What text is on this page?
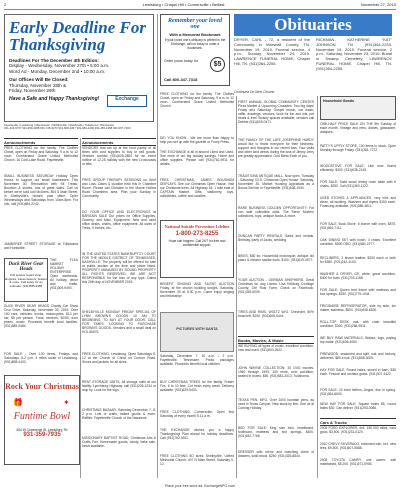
2	Lewisburg • Chapel Hill • Cornersville • Belfast	November 27, 2019
Early Deadline For Thanksgiving
Deadlines For The December 4th Edition:
Display - Wednesday, November 27th • 5:00 a.m.
Word Ad - Monday, December 2nd • 10:00 a.m.
Our Offices Will Be Closed:
Thursday, November 28th &
Friday, November 29th
Have a Safe and Happy Thanksgiving!	Exchange
Fayetteville | Lewisburg | Manchester | McMinnville | Shelbyville | Tullahoma | Winchester
931-433-9737 931-359-1188 931-728-3273 931-668-1367 931-684-1200 931-455-1368 931-967-7290
Remember your loved one
With a Memorial Bookmark
If your loved one's obituary is printed in the Exchange, call us today to order a bookmark.
Order yours today for	$5
Call 800-347-7318
Obituaries
DRYER, CARL - 72, a resident of the Community in Marshall County, TN. November 19, 2019. Funeral service, 4 p.m., Sunday, November 24, 2019. LAWRENCE FUNERAL HOME, Chapel Hill, TN. (931)364-2255.
RICKMAN, KATHERINE "KAT" JOHNSON. TN. (931)364-2233. November 19, 2019. Funeral service, 2 p.m., Saturday, November 23, 2019. Burial in Swamp Cemetery, LAWRENCE FUNERAL HOME, Chapel Hill, TN. (931)364-2255.
Continued On Next Column
FREE CLOTHING for the family. The Clothes Closet, open on Friday and Saturday, 9 a.m. to 12 noon. Cumberland Grace United Methodist Church.
DID YOU KNOW... We are more than happy to help you set up with the gazette or Fcorp Press.
THE EXCHANGE is all in around Liked and Used. See more of our big holiday savings. Home and office supplies. Please call (931)762-9911 for details.
FREE CHRISTMAS, JAMES BOUSHAM DISPLAYS. See our Christmas Open House. Visit our Christmas trees. All Highway 64. 1 mile east of CAPTAIN Market. Gifts, stationery, toys, collectibles, coffee and candles.
National Suicide Prevention Lifeline
1-800-273-8255
Hope can happen. Call 24/7 for free and confidential support.
BENEFIT SINGING AND SILENT AUCTION Friday, at the church building tonight. Saturday, November 30 at 5:30 p.m. Come enjoy singing and fellowship!
PICTURES WITH SANTA
Saturday, December 7, 10 a.m. - 2 p.m. Fayetteville, Tennessee. Photo packages available. Proceeds benefit local children.
BUY CHRISTMAS TREES for the family. Fraser Firs, 6 to 10 feet. Cut fresh every week. Delivery available. (931)629-5433.
FREE CLOTHING, Cornersville. Open first Saturday of every month 9-11 a.m.
THE EXCHANGE wishes you a happy Thanksgiving! Plan ahead for holiday deadlines. Call (931)762-9911.
FREE CLOTHING 8O sizes. Shelbyville, United Methodist Church, 407 N Main Street, Saturday 9-12.
Announcements
FREE CLOTHING for the family. The Clothes Closet, open on Friday and Saturday, 9 a.m. to 12 noon. Cumberland Grace United Methodist Church, 16 Cool-Lake Road, Fayetteville.
SMALL BUSINESS SATURDAY Holiday Open House to support our small businesses. This November 30, Renovation with Sit Treats, Bourbon & stories, lots of great sales. Call us before we're sold out! McGees, 804 S Main Street, in Shelbyville's historic post office. Open Wednesdays and Saturdays from 10am-5pm. For info, call (931)684-2242.
JAMBOREE STREET STORAGE at Tullahoma and Huntsville.
Duck River Gear Heads
Full service repair shop. Engines, transmissions, brakes & more. Call today for an estimate. (931)585-9484
THE FLEA MARKET HOLIDAY ENTERPRISE. Open weekends. All holiday decor and crafts. (931)309-9490.
DUCK RIVER GEAR HEADS Charity Car Show Cruz Drive, Saturday, November 30, 2019. Over 100 cars, vehicles, trucks, motorcycles. $10 per car, $5 per person. Food, vendors, 50/50, door prizes, music. Proceeds benefit local families. (931)585-9484.
FOR SALE - Over 100 items, Fridays and Saturdays, 8-2 p.m. 4 miles south of Lewisburg. (931)698-4400.
Rock Your Christmas
Funtime Bowl
604 W Commerce St, Lewisburg TN
931-359-7935
🎁	✦
Announcements
VENDORS that set up at the food pantry of all times with cost supplies to buy or sell goods. Vendors contact (931)628-2884 for an event hotline of 12-25 holiday with the new Crossroads or bills.
FREE GROUP THERAPY SESSIONS on Grief and Loss. Dates & location held this in Chamber Room. Please call Christine in the Moore Hollow Road Chambers area. Plan your Sunday in Community.
DO YOUR OFFICE AND ELECTRONICS at BARGAIN SALE Our prices for Office Supplies, Grocery, and Misc. Equipment. New and used office desks, chairs, office equipment. All sizes of Trees, 5 inches, etc.
IN THE UNITED STATES BANKRUPTCY COURT FOR THE MIDDLE DISTRICT OF TENNESSEE, NASHVILLE. The property will be offered for sale at public auction at the time and place listed. PROPERTY MANAGED BY ROUND PROPERTY ALL RIGHTS RESERVED. WE ARE NOT RESPONSIBLE for the loss of any type. Dated this 26th day of NOVEMBER 2019.
SHELBYVILLE MONDAY FRIDAY SPECIAL OF LYNN BROWN'S GOODS 10 AM TO BEGINNING. TO BUY AT YOUR DOOR. CALL FOR TIMES. LOOKING TO PURCHASE BROWN'S GOODS. Vendors and a small deal on HOLIDAYS.
FREE CLOTHING, Lewisburg. Open Saturdays 9-12 at the Church of Christ on Cortner Road. Shoes and jackets for all sizes.
RENT STORAGE UNITS, All storage units at our facility. Lynchburg Highway, call (931)205-1234 or stop by. Look for the sign.
CHRISTMAS BAZAAR, Saturday December 7, 8-2 p.m. Lots of crafts, baked goods & more. Raffles. Fayetteville Church of the Nazarene.
MISSIONARY BAPTIST ROAD, Christmas Arts & Crafts Fair. Homemade goods, candy, bake sale, lunch available.
FIRST ANNUAL GLOBAL COMMUNITY CENTER Pizza Market & Upcoming Crusades: Two big days! Friday and Saturday. Gospel music, car wash, raffle, drawings, vendors, tools for fun and lots, pet treats & free! Swishy spaces available; vendors call Debbie (931)609-0471.
THE FAMILY OF THE LATE JOSEPHINE HARDY would like to thank everyone for their kindness, support and thoughts in our recent loss. Your visits and other kind deeds during the loss of Jimmy Jerry are greatly appreciated. God Bless Each of you.
TRADITIONS ANTIQUE MALL, Now open, Tuesday - Saturday, 10-5. Christmas Open House, Saturday, November 30. Market Housing Appraisals as a Bonus Service in Fayetteville. (931)638-1930.
RARE BUSINESS GOLDEN OPPORTUNITY. For non sale collectible dolls. The Steve Modern collections, toys, antique books & more.
DUNCAN PARTY RENTALS, Sales and rentals. Birthday, party of Jacks, wedding.
BIKES, $50 for. Household motorcycle, antique old piano & chrome saddle tools, $100. (931)619-4577.
YOUR AUCTION - GERMAN SHEPHERD. Great Christmas for dog Lovers. Lisa Kirkburg Coolidge County, Ole Rust Farm. Check on Facebook. (931)339-5009.
TIRES AND RIMS, WOLTZ W/O. Chevrolet, 50% tread left, $200. (931)606-6444.
Books, Movies, & Music
WE BUYING all types of music, excellent condition, new and used. (931)800-2622.
JOHN WAYNE COLLECTION: 20 DVD movies, 1960 through 1993, 100 more, new condition, sealed in boxes, $50. (931)581-2013, Tullahoma.
TEXAS PEN, MFG. Over 1000 fountain pens, as used in Texas Canyon, New stock by firm. See us at Coming Holiday.
BED FOR SALE: King size bed, headboard, footboard, mattress and box springs, $400. (931)632-7766.
DRESSER with mirror and matching chest of drawers, solid wood, $250. (931)325-8844.
Household Goods
ONE-HALF PRICE SALE ON THE 5th Sunday of each month. Vintage and retro, dishes, glassware, antiques.
PATTY'S UPPLY STORE, 100 items in stock. Open Monday through Friday. (931)381-7272.
WOODSTOVE FOR SALE, Like new. Burns efficiently. $300. (931)638-2145.
FOR SALE: Solid wood dining room table with 6 chairs, $250. Call (931)363-1122.
USED STOVES & APPLIANCES, very nice and clean, all working. Washers and dryers $150 each. Financing available. (931)388-4811.
FOR SALE, Buck Stove, 6 burner with oven, $875. (931)364-7111.
OAK DINING SET with hutch, 4 chairs. Excellent condition. $500 OBO. (931)580-2277.
RECLINERS, 2 brown leather, $200 each or both for $350. (931)242-4100.
WASHER & DRYER, GE, white, great condition, $400 for both. (931)703-1188.
FOR SALE: Queen bed frame with mattress and box springs, $150. (931)779-1044.
FRIGIDAIRE REFRIGERATOR, side by side, ice maker, stainless, $500. (931)638-6520.
ROLL-TOP DESK, oak, with chair, beautiful condition, $300. (931)268-9511.
WE BUY RAW MATERIALS, Walnut, logs, paying top dollar. (931)636-4060.
FIREWOOD, seasoned and split, oak and hickory, delivered. $80 a rick. (931)808-3005.
HAY FOR SALE, Round bales, stored in barn, $35 each. Fescue and orchard grass. (931)307-4422.
FOR SALE: 10 bred heifers, Angus, due in spring. (931)364-6600.
NEW HAY FOR SALE: Square bales $5, round bales $30. Can deliver. (931)293-0088.
Cars & Trucks
2005 FORD EXPLORER, 4x4, 150,000 miles, runs good, $3,500. (931)231-0120.
2010 CHEVY SILVERADO, extended cab, 4x4, new tires, $9,500. (931)607-5588.
2008 TOYOTA CAMRY, one owner, well maintained, $5,200. (931)571-0906.
Place your free word ad: ExchangeNPO.com
